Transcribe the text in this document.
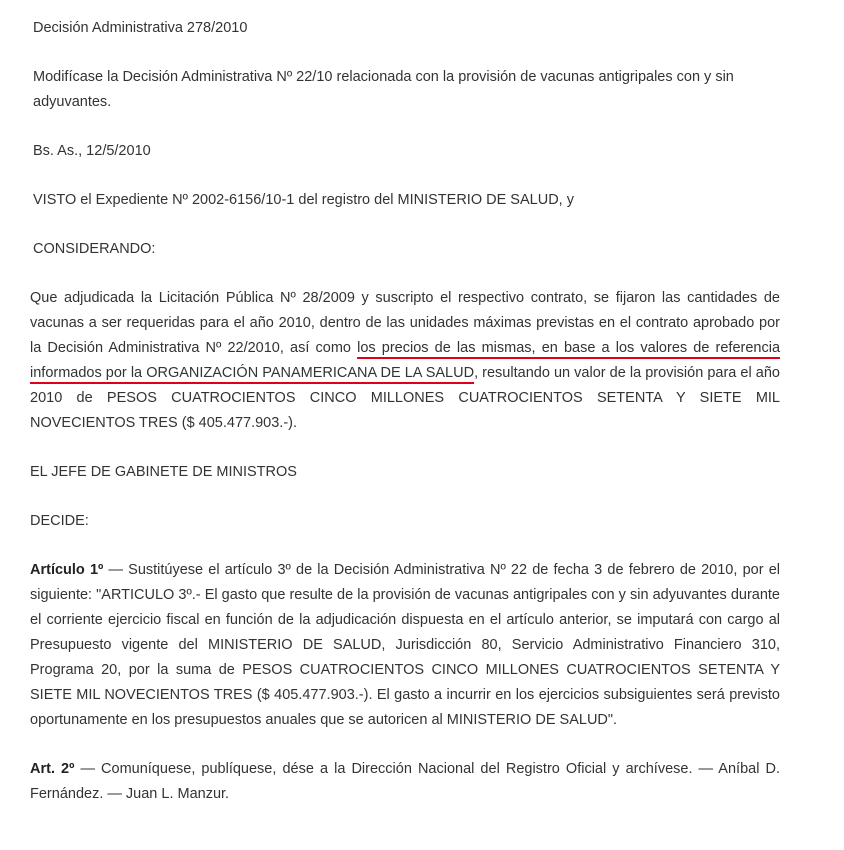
Decisión Administrativa 278/2010

Modifícase la Decisión Administrativa Nº 22/10 relacionada con la provisión de vacunas antigripales con y sin adyuvantes.

Bs. As., 12/5/2010

VISTO el Expediente Nº 2002-6156/10-1 del registro del MINISTERIO DE SALUD, y

CONSIDERANDO:

Que adjudicada la Licitación Pública Nº 28/2009 y suscripto el respectivo contrato, se fijaron las cantidades de vacunas a ser requeridas para el año 2010, dentro de las unidades máximas previstas en el contrato aprobado por la Decisión Administrativa Nº 22/2010, así como los precios de las mismas, en base a los valores de referencia informados por la ORGANIZACIÓN PANAMERICANA DE LA SALUD, resultando un valor de la provisión para el año 2010 de PESOS CUATROCIENTOS CINCO MILLONES CUATROCIENTOS SETENTA Y SIETE MIL NOVECIENTOS TRES ($ 405.477.903.-).

EL JEFE DE GABINETE DE MINISTROS

DECIDE:

Artículo 1º — Sustitúyese el artículo 3º de la Decisión Administrativa Nº 22 de fecha 3 de febrero de 2010, por el siguiente: "ARTICULO 3º.- El gasto que resulte de la provisión de vacunas antigripales con y sin adyuvantes durante el corriente ejercicio fiscal en función de la adjudicación dispuesta en el artículo anterior, se imputará con cargo al Presupuesto vigente del MINISTERIO DE SALUD, Jurisdicción 80, Servicio Administrativo Financiero 310, Programa 20, por la suma de PESOS CUATROCIENTOS CINCO MILLONES CUATROCIENTOS SETENTA Y SIETE MIL NOVECIENTOS TRES ($ 405.477.903.-). El gasto a incurrir en los ejercicios subsiguientes será previsto oportunamente en los presupuestos anuales que se autoricen al MINISTERIO DE SALUD".

Art. 2º — Comuníquese, publíquese, dése a la Dirección Nacional del Registro Oficial y archívese. — Aníbal D. Fernández. — Juan L. Manzur.
